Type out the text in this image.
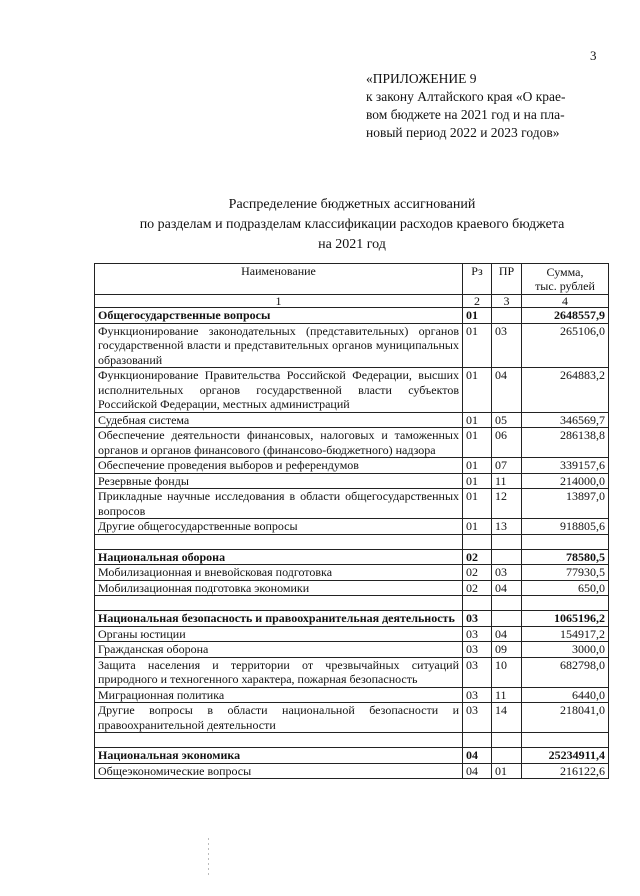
3
«ПРИЛОЖЕНИЕ 9
к закону Алтайского края «О крае-
вом бюджете на 2021 год и на пла-
новый период 2022 и 2023 годов»
Распределение бюджетных ассигнований
по разделам и подразделам классификации расходов краевого бюджета
на 2021 год
Наименование	Рз	ПР	Сумма,
тыс. рублей

1	2	3	4
Общегосударственные вопросы	01		2648557,9
Функционирование законодательных (представительных) органов государственной власти и представительных органов муниципальных образований	01	03	265106,0
Функционирование Правительства Российской Федерации, высших исполнительных органов государственной власти субъектов Российской Федерации, местных администраций	01	04	264883,2
Судебная система	01	05	346569,7
Обеспечение деятельности финансовых, налоговых и таможенных органов и органов финансового (финансово-бюджетного) надзора	01	06	286138,8
Обеспечение проведения выборов и референдумов	01	07	339157,6
Резервные фонды	01	11	214000,0
Прикладные научные исследования в области общегосударственных вопросов	01	12	13897,0
Другие общегосударственные вопросы	01	13	918805,6

Национальная оборона	02		78580,5
Мобилизационная и вневойсковая подготовка	02	03	77930,5
Мобилизационная подготовка экономики	02	04	650,0

Национальная безопасность и правоохранительная деятельность	03		1065196,2
Органы юстиции	03	04	154917,2
Гражданская оборона	03	09	3000,0
Защита населения и территории от чрезвычайных ситуаций природного и техногенного характера, пожарная безопасность	03	10	682798,0
Миграционная политика	03	11	6440,0
Другие вопросы в области национальной безопасности и правоохранительной деятельности	03	14	218041,0

Национальная экономика	04		25234911,4
Общеэкономические вопросы	04	01	216122,6
